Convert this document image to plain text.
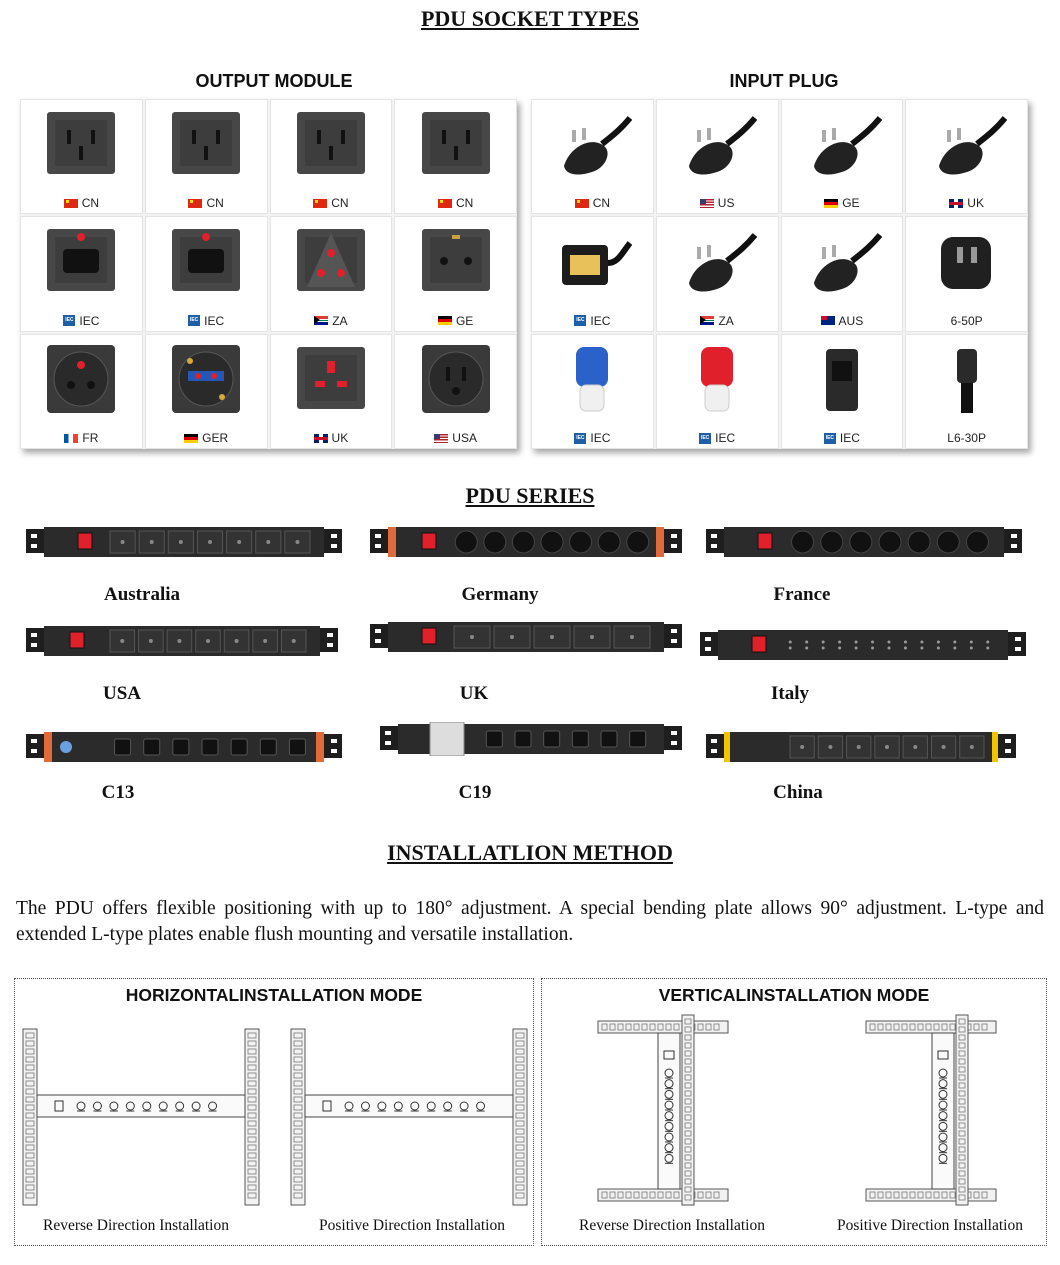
PDU SOCKET TYPES
OUTPUT MODULE	INPUT PLUG
CN	CN	CN	CN
IEC IEC	IEC IEC	ZA	GE
FR	GER	UK	USA
CN	US	GE	UK
IEC IEC	ZA	AUS	6-50P
IEC IEC	IEC IEC	IEC IEC	L6-30P
PDU SERIES
Australia	Germany	France
USA	UK	Italy
C13	C19	China
INSTALLATLION METHOD
The PDU offers flexible positioning with up to 180° adjustment. A special bending plate allows 90° adjustment. L-type and extended L-type plates enable flush mounting and versatile installation.
HORIZONTALINSTALLATION MODE
Reverse Direction Installation	Positive Direction Installation
VERTICALINSTALLATION MODE
Reverse Direction Installation	Positive Direction Installation
